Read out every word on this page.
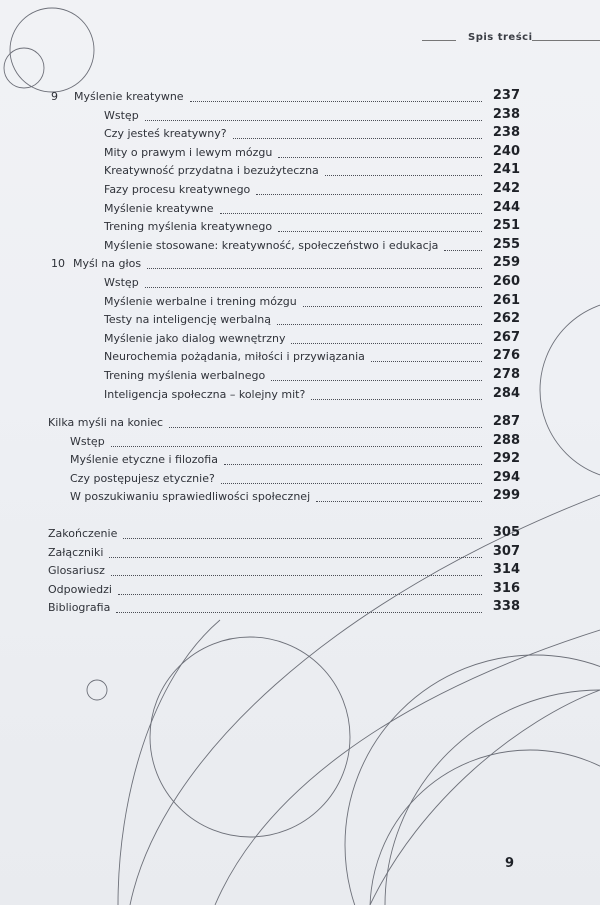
Spis treści
9 Myślenie kreatywne	237
Wstęp	238
Czy jesteś kreatywny?	238
Mity o prawym i lewym mózgu	240
Kreatywność przydatna i bezużyteczna	241
Fazy procesu kreatywnego	242
Myślenie kreatywne	244
Trening myślenia kreatywnego	251
Myślenie stosowane: kreatywność, społeczeństwo i edukacja	255
10 Myśl na głos	259
Wstęp	260
Myślenie werbalne i trening mózgu	261
Testy na inteligencję werbalną	262
Myślenie jako dialog wewnętrzny	267
Neurochemia pożądania, miłości i przywiązania	276
Trening myślenia werbalnego	278
Inteligencja społeczna – kolejny mit?	284
Kilka myśli na koniec	287
Wstęp	288
Myślenie etyczne i filozofia	292
Czy postępujesz etycznie?	294
W poszukiwaniu sprawiedliwości społecznej	299
Zakończenie	305
Załączniki	307
Glosariusz	314
Odpowiedzi	316
Bibliografia	338
9
